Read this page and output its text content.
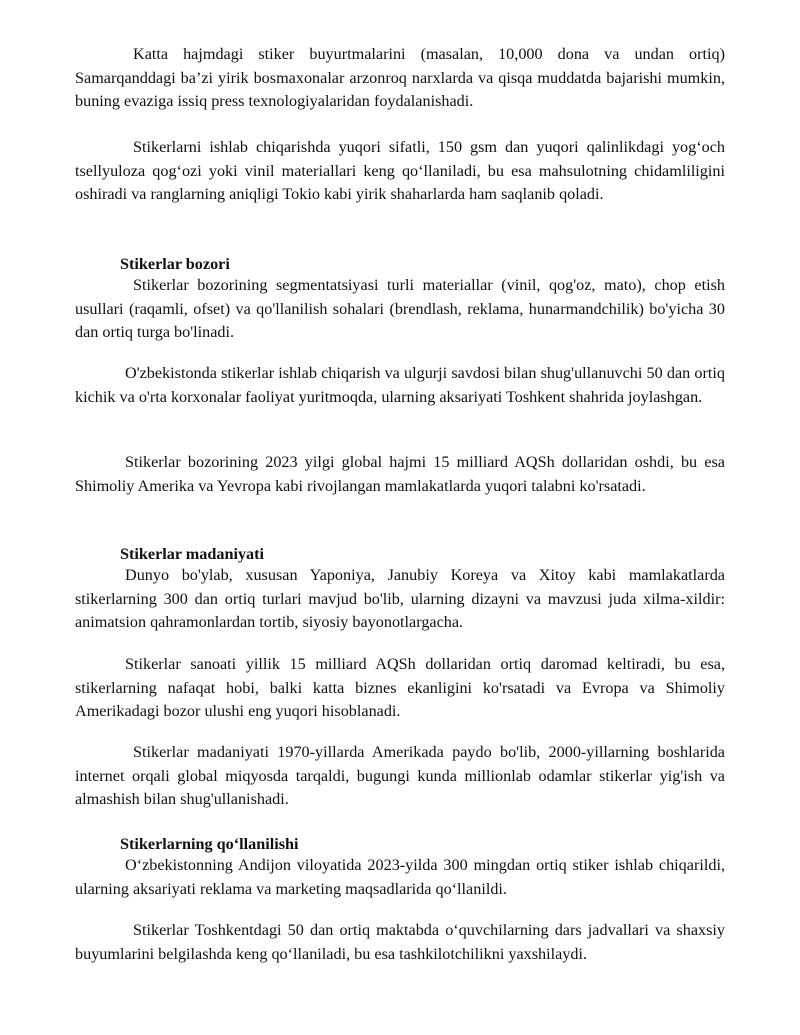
Katta hajmdagi stiker buyurtmalarini (masalan, 10,000 dona va undan ortiq) Samarqanddagi baʼzi yirik bosmaxonalar arzonroq narxlarda va qisqa muddatda bajarishi mumkin, buning evaziga issiq press texnologiyalaridan foydalanishadi.

Stikerlarni ishlab chiqarishda yuqori sifatli, 150 gsm dan yuqori qalinlikdagi yog‘och tsellyuloza qog‘ozi yoki vinil materiallari keng qo‘llaniladi, bu esa mahsulotning chidamliligini oshiradi va ranglarning aniqligi Tokio kabi yirik shaharlarda ham saqlanib qoladi.

Stikerlar bozori

Stikerlar bozorining segmentatsiyasi turli materiallar (vinil, qog'oz, mato), chop etish usullari (raqamli, ofset) va qo'llanilish sohalari (brendlash, reklama, hunarmandchilik) bo'yicha 30 dan ortiq turga bo'linadi.

O'zbekistonda stikerlar ishlab chiqarish va ulgurji savdosi bilan shug'ullanuvchi 50 dan ortiq kichik va o'rta korxonalar faoliyat yuritmoqda, ularning aksariyati Toshkent shahrida joylashgan.

Stikerlar bozorining 2023 yilgi global hajmi 15 milliard AQSh dollaridan oshdi, bu esa Shimoliy Amerika va Yevropa kabi rivojlangan mamlakatlarda yuqori talabni ko'rsatadi.

Stikerlar madaniyati

Dunyo bo'ylab, xususan Yaponiya, Janubiy Koreya va Xitoy kabi mamlakatlarda stikerlarning 300 dan ortiq turlari mavjud bo'lib, ularning dizayni va mavzusi juda xilma-xildir: animatsion qahramonlardan tortib, siyosiy bayonotlargacha.

Stikerlar sanoati yillik 15 milliard AQSh dollaridan ortiq daromad keltiradi, bu esa, stikerlarning nafaqat hobi, balki katta biznes ekanligini ko'rsatadi va Evropa va Shimoliy Amerikadagi bozor ulushi eng yuqori hisoblanadi.

Stikerlar madaniyati 1970-yillarda Amerikada paydo bo'lib, 2000-yillarning boshlarida internet orqali global miqyosda tarqaldi, bugungi kunda millionlab odamlar stikerlar yig'ish va almashish bilan shug'ullanishadi.

Stikerlarning qo‘llanilishi

O‘zbekistonning Andijon viloyatida 2023-yilda 300 mingdan ortiq stiker ishlab chiqarildi, ularning aksariyati reklama va marketing maqsadlarida qo‘llanildi.

Stikerlar Toshkentdagi 50 dan ortiq maktabda o‘quvchilarning dars jadvallari va shaxsiy buyumlarini belgilashda keng qo‘llaniladi, bu esa tashkilotchilikni yaxshilaydi.
